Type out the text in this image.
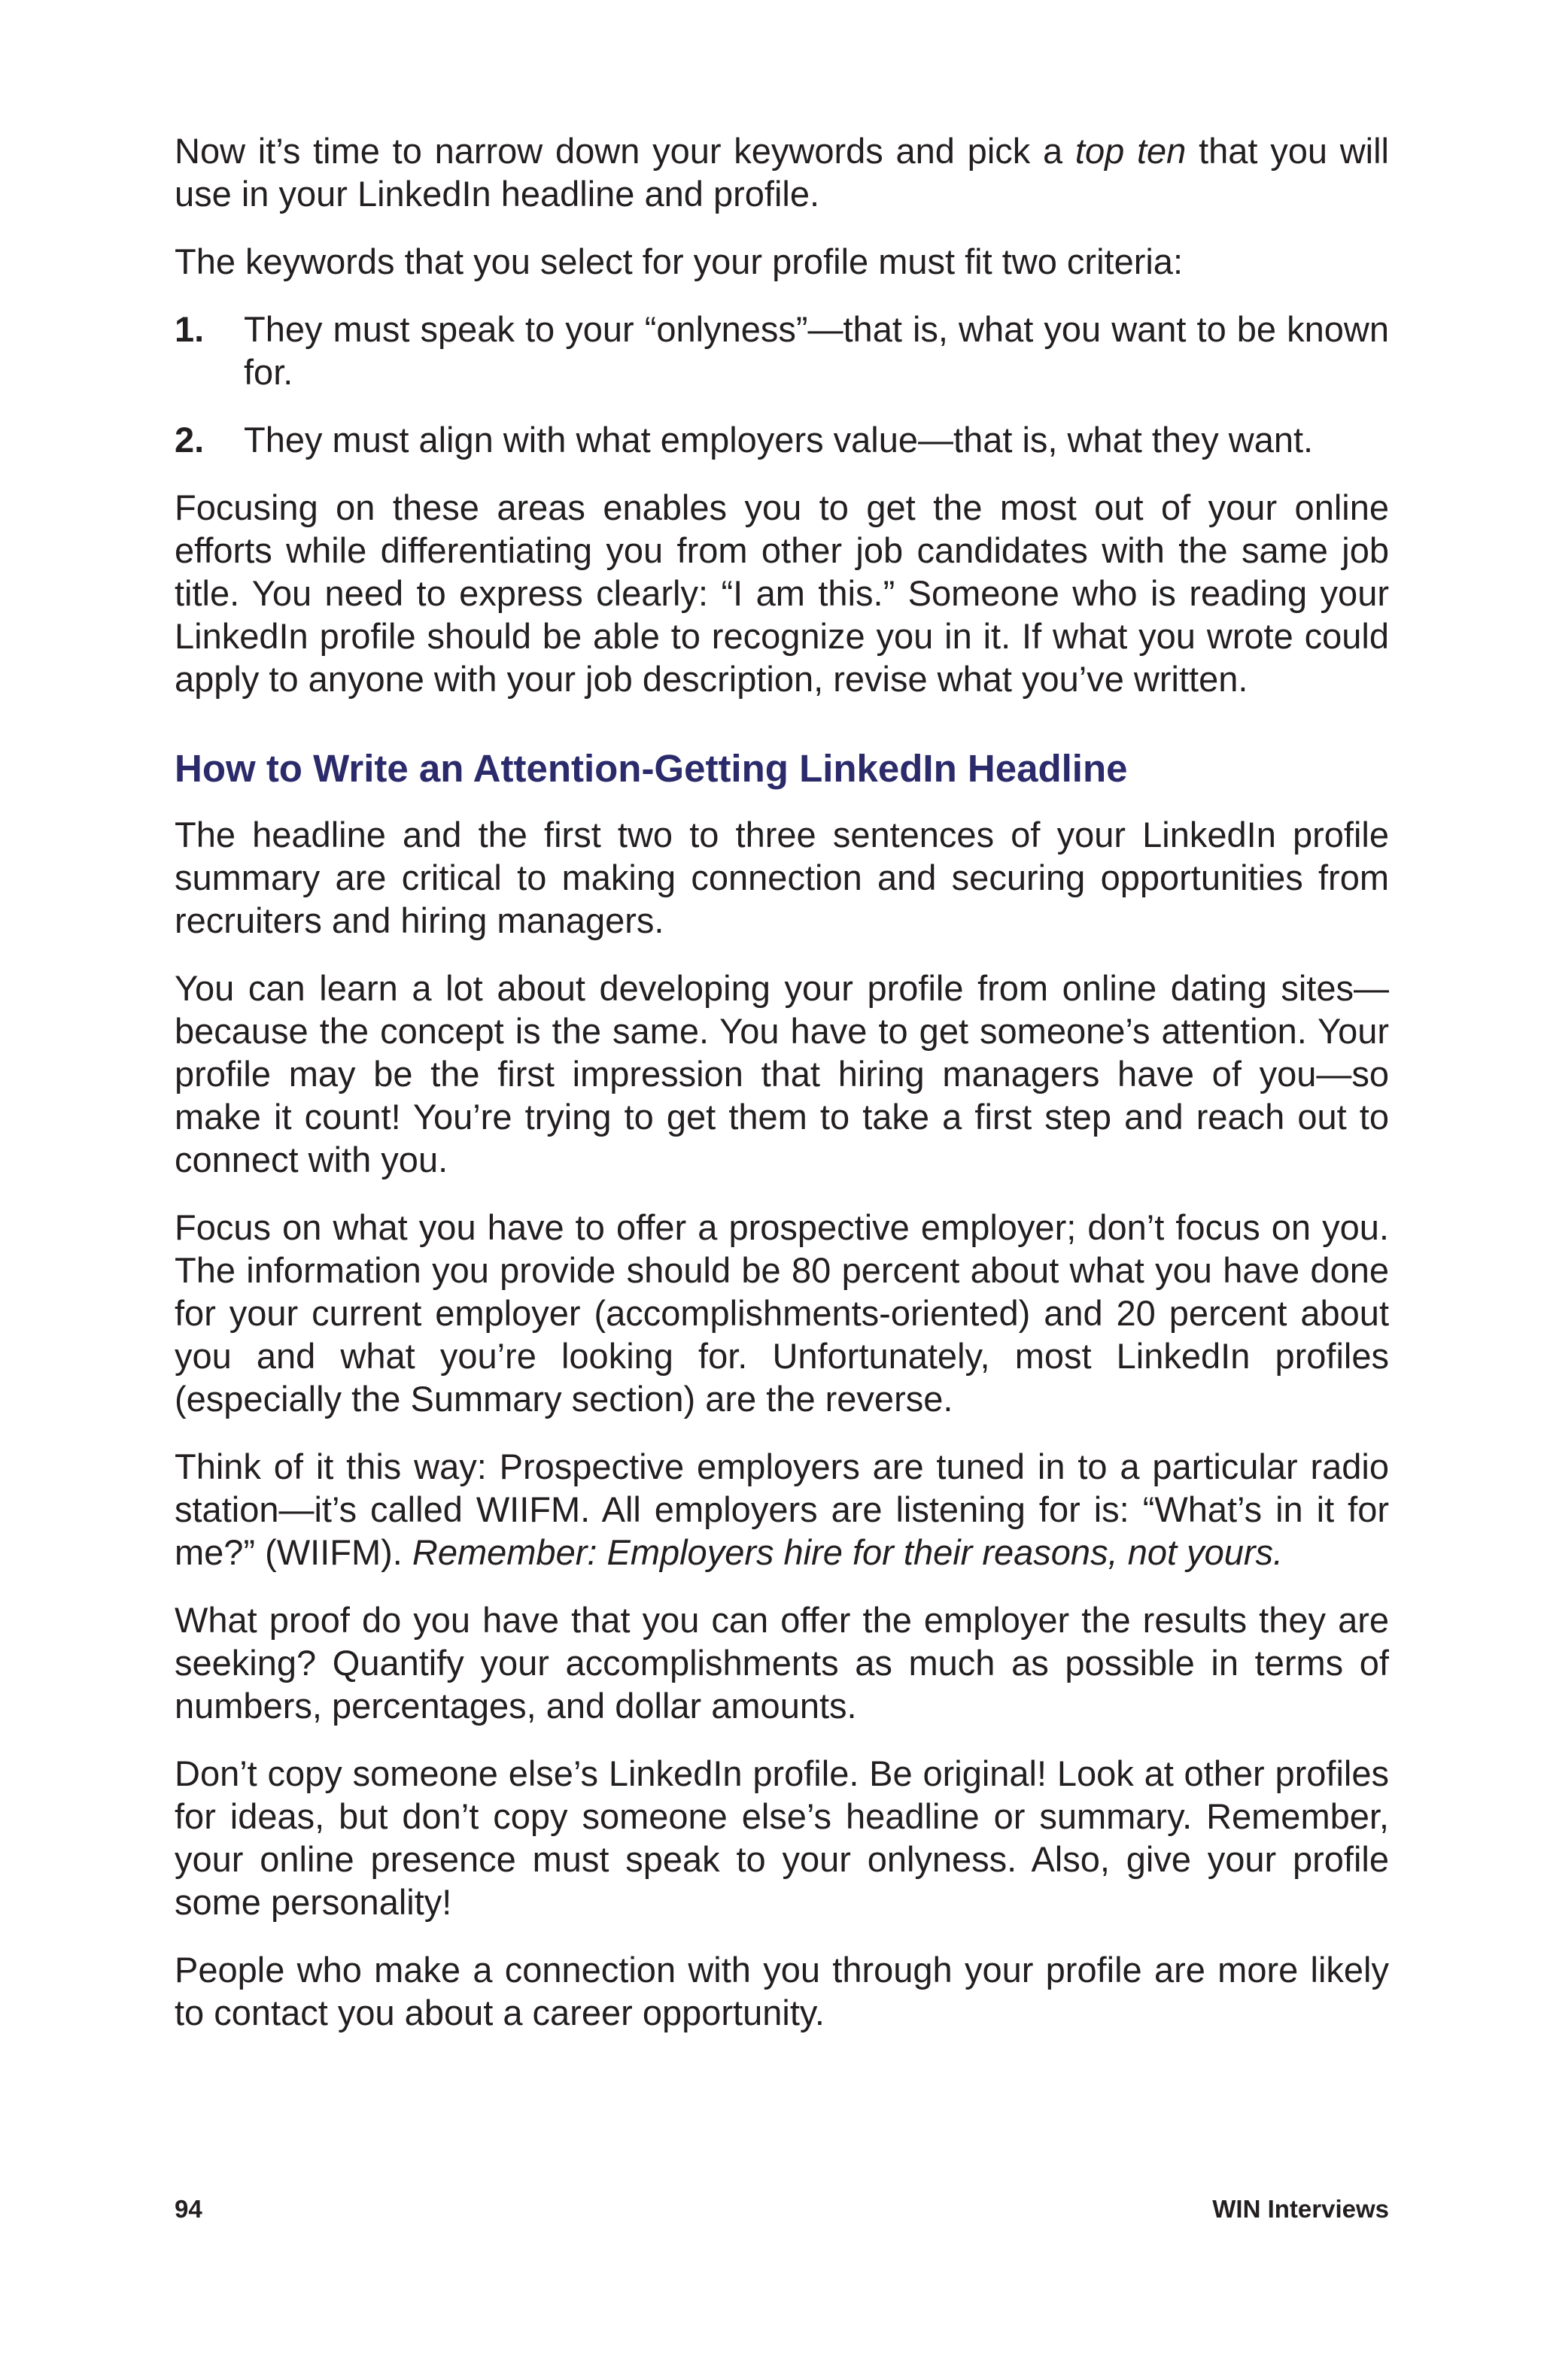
Now it’s time to narrow down your keywords and pick a top ten that you will use in your LinkedIn headline and profile.

The keywords that you select for your profile must fit two criteria:

1. They must speak to your “onlyness”—that is, what you want to be known for.
2. They must align with what employers value—that is, what they want.

Focusing on these areas enables you to get the most out of your online efforts while differentiating you from other job candidates with the same job title. You need to express clearly: “I am this.” Someone who is reading your LinkedIn profile should be able to recognize you in it. If what you wrote could apply to anyone with your job description, revise what you’ve written.

How to Write an Attention-Getting LinkedIn Headline

The headline and the first two to three sentences of your LinkedIn profile summary are critical to making connection and securing opportunities from recruiters and hiring managers.

You can learn a lot about developing your profile from online dating sites—because the concept is the same. You have to get someone’s attention. Your profile may be the first impression that hiring managers have of you—so make it count! You’re trying to get them to take a first step and reach out to connect with you.

Focus on what you have to offer a prospective employer; don’t focus on you. The information you provide should be 80 percent about what you have done for your current employer (accomplishments-oriented) and 20 percent about you and what you’re looking for. Unfortunately, most LinkedIn profiles (especially the Summary section) are the reverse.

Think of it this way: Prospective employers are tuned in to a particular radio station—it’s called WIIFM. All employers are listening for is: “What’s in it for me?” (WIIFM). Remember: Employers hire for their reasons, not yours.

What proof do you have that you can offer the employer the results they are seeking? Quantify your accomplishments as much as possible in terms of numbers, percentages, and dollar amounts.

Don’t copy someone else’s LinkedIn profile. Be original! Look at other profiles for ideas, but don’t copy someone else’s headline or summary. Remember, your online presence must speak to your onlyness. Also, give your profile some personality!

People who make a connection with you through your profile are more likely to contact you about a career opportunity.

94	WIN Interviews
